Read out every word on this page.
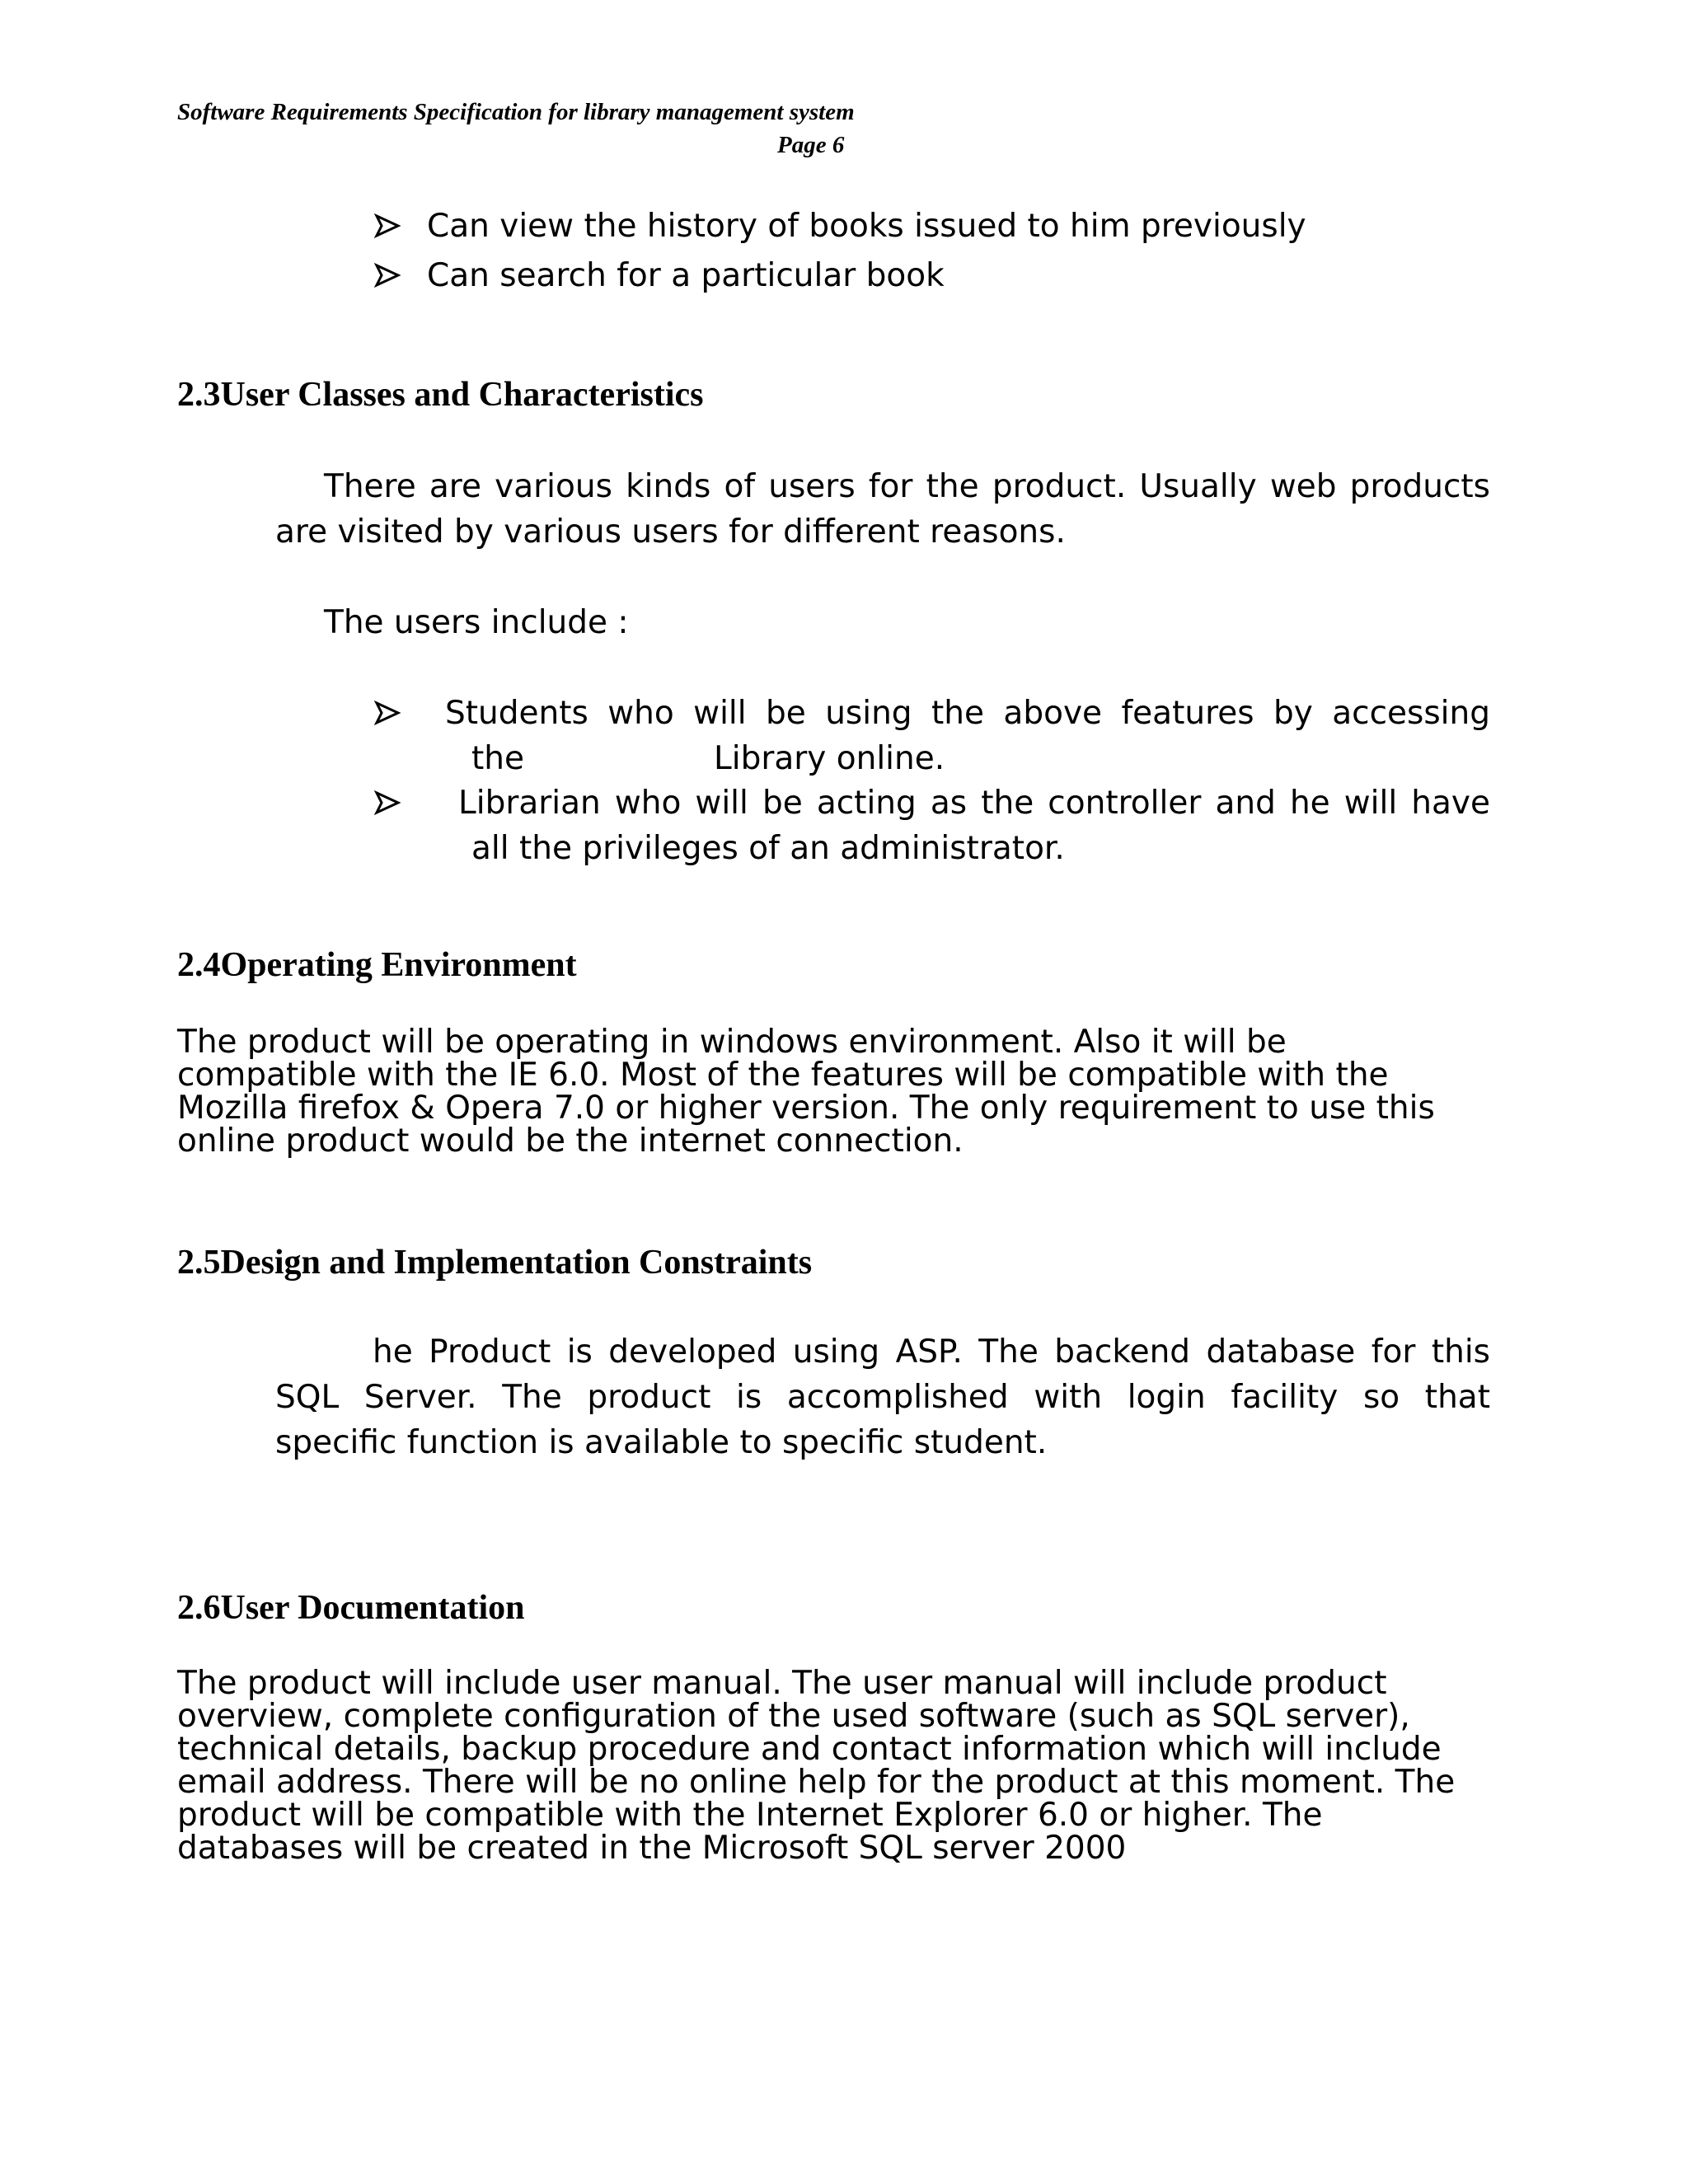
Software Requirements Specification for library management system
Page 6
Can view the history of books issued to him previously
Can search for a particular book
2.3User Classes and Characteristics
There are various kinds of users for the product. Usually web products
are visited by various users for different reasons.
The users include :
Students who will be using the above features by accessing
the	Library online.
Librarian who will be acting as the controller and he will have
all the privileges of an administrator.
2.4Operating Environment
The product will be operating in windows environment. Also it will be
compatible with the IE 6.0. Most of the features will be compatible with the
Mozilla firefox & Opera 7.0 or higher version. The only requirement to use this
online product would be the internet connection.
2.5Design and Implementation Constraints
he Product is developed using ASP. The backend database for this
SQL Server. The product is accomplished with login facility so that
specific function is available to specific student.
2.6User Documentation
The product will include user manual. The user manual will include product
overview, complete configuration of the used software (such as SQL server),
technical details, backup procedure and contact information which will include
email address. There will be no online help for the product at this moment. The
product will be compatible with the Internet Explorer 6.0 or higher. The
databases will be created in the Microsoft SQL server 2000
